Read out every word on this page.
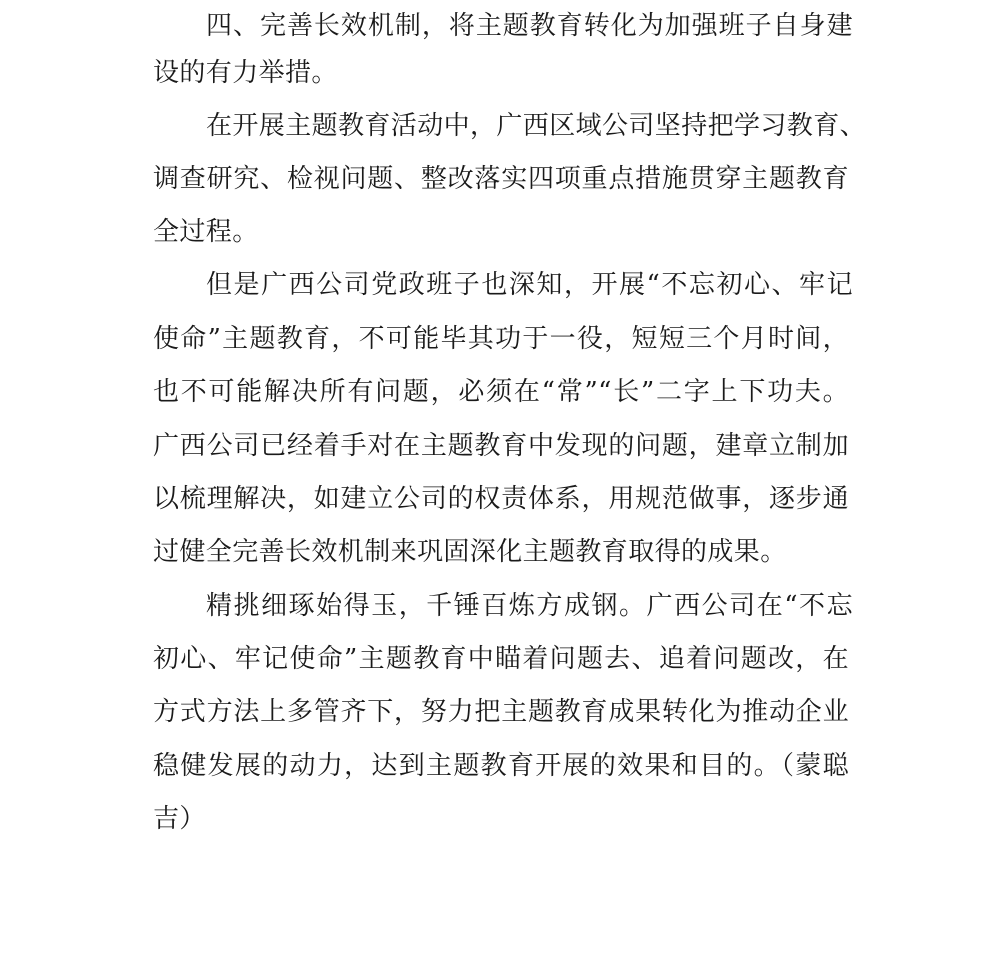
四、完善长效机制，将主题教育转化为加强班子自身建
设的有力举措。
在开展主题教育活动中，广西区域公司坚持把学习教育、
调查研究、检视问题、整改落实四项重点措施贯穿主题教育
全过程。
但是广西公司党政班子也深知，开展“不忘初心、牢记
使命”主题教育，不可能毕其功于一役，短短三个月时间，
也不可能解决所有问题，必须在“常”“长”二字上下功夫。
广西公司已经着手对在主题教育中发现的问题，建章立制加
以梳理解决，如建立公司的权责体系，用规范做事，逐步通
过健全完善长效机制来巩固深化主题教育取得的成果。
精挑细琢始得玉，千锤百炼方成钢。广西公司在“不忘
初心、牢记使命”主题教育中瞄着问题去、追着问题改，在
方式方法上多管齐下，努力把主题教育成果转化为推动企业
稳健发展的动力，达到主题教育开展的效果和目的。（蒙聪
吉）
